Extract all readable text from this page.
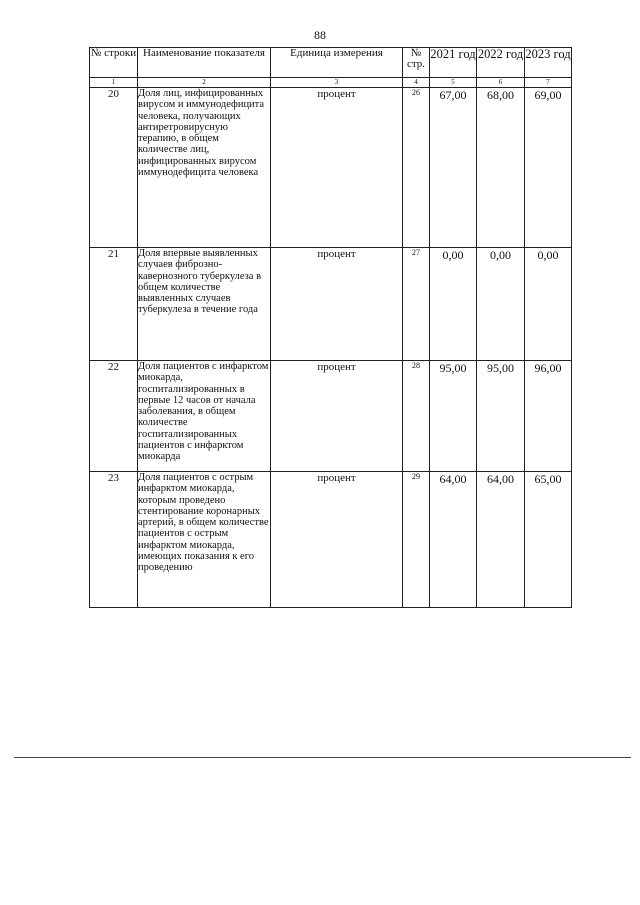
88
№ строки	Наименование показателя	Единица измерения	№ стр.	2021 год	2022 год	2023 год
1	2	3	4	5	6	7
20	Доля лиц, инфицированных вирусом и иммунодефицита человека, получающих антиретровирусную терапию, в общем количестве лиц, инфицированных вирусом иммунодефицита человека	процент	26	67,00	68,00	69,00
21	Доля впервые выявленных случаев фиброзно-кавернозного туберкулеза в общем количестве выявленных случаев туберкулеза в течение года	процент	27	0,00	0,00	0,00
22	Доля пациентов с инфарктом миокарда, госпитализированных в первые 12 часов от начала заболевания, в общем количестве госпитализированных пациентов с инфарктом миокарда	процент	28	95,00	95,00	96,00
23	Доля пациентов с острым инфарктом миокарда, которым проведено стентирование коронарных артерий, в общем количестве пациентов с острым инфарктом миокарда, имеющих показания к его проведению	процент	29	64,00	64,00	65,00
